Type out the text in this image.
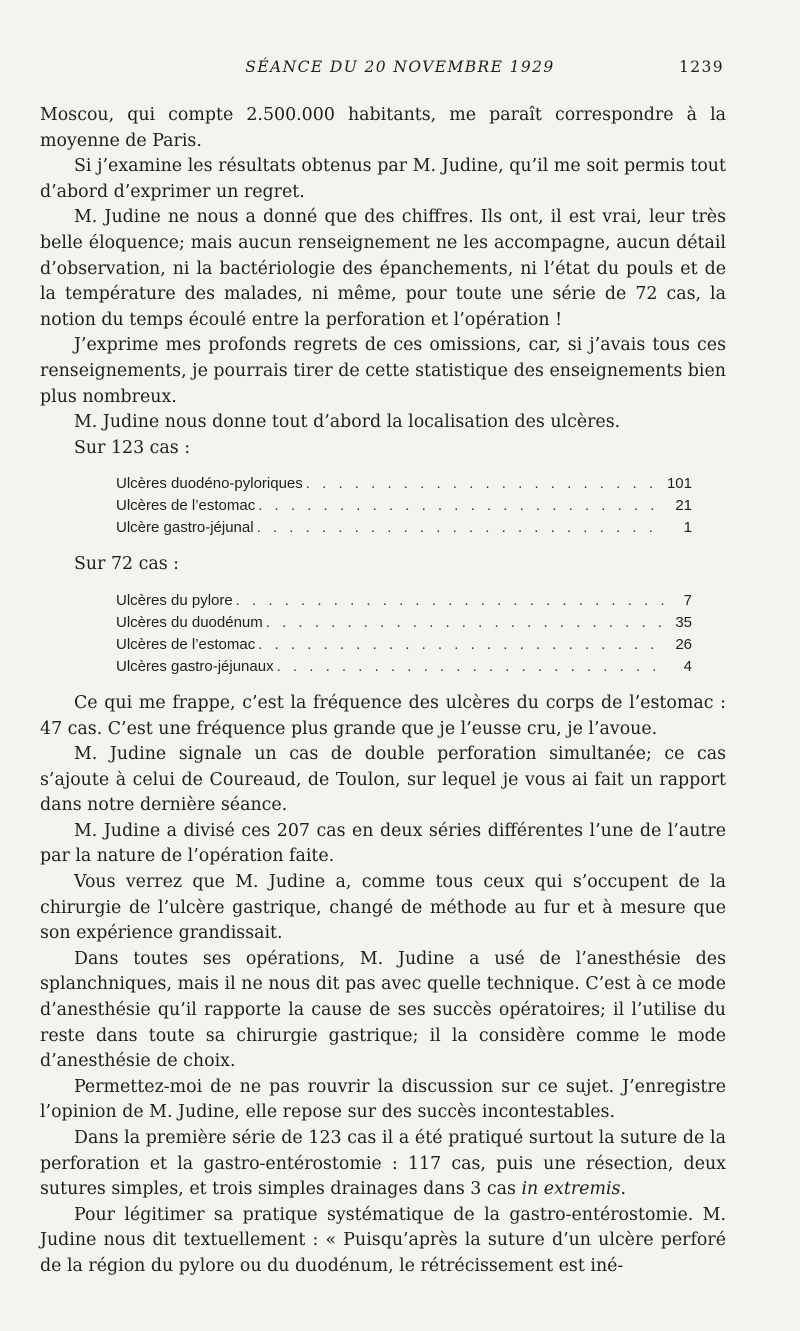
SÉANCE DU 20 NOVEMBRE 1929	1239

Moscou, qui compte 2.500.000 habitants, me paraît correspondre à la moyenne de Paris.

Si j’examine les résultats obtenus par M. Judine, qu’il me soit permis tout d’abord d’exprimer un regret.

M. Judine ne nous a donné que des chiffres. Ils ont, il est vrai, leur très belle éloquence; mais aucun renseignement ne les accompagne, aucun détail d’observation, ni la bactériologie des épanchements, ni l’état du pouls et de la température des malades, ni même, pour toute une série de 72 cas, la notion du temps écoulé entre la perforation et l’opération !

J’exprime mes profonds regrets de ces omissions, car, si j’avais tous ces renseignements, je pourrais tirer de cette statistique des enseignements bien plus nombreux.

M. Judine nous donne tout d’abord la localisation des ulcères.

Sur 123 cas :

Ulcères duodéno-pyloriques . . .	101
Ulcères de l’estomac . . .	21
Ulcère gastro-jéjunal . . .	1

Sur 72 cas :

Ulcères du pylore . . .	7
Ulcères du duodénum . . .	35
Ulcères de l’estomac . . .	26
Ulcères gastro-jéjunaux . . .	4

Ce qui me frappe, c’est la fréquence des ulcères du corps de l’estomac : 47 cas. C’est une fréquence plus grande que je l’eusse cru, je l’avoue.

M. Judine signale un cas de double perforation simultanée; ce cas s’ajoute à celui de Coureaud, de Toulon, sur lequel je vous ai fait un rapport dans notre dernière séance.

M. Judine a divisé ces 207 cas en deux séries différentes l’une de l’autre par la nature de l’opération faite.

Vous verrez que M. Judine a, comme tous ceux qui s’occupent de la chirurgie de l’ulcère gastrique, changé de méthode au fur et à mesure que son expérience grandissait.

Dans toutes ses opérations, M. Judine a usé de l’anesthésie des splanchniques, mais il ne nous dit pas avec quelle technique. C’est à ce mode d’anesthésie qu’il rapporte la cause de ses succès opératoires; il l’utilise du reste dans toute sa chirurgie gastrique; il la considère comme le mode d’anesthésie de choix.

Permettez-moi de ne pas rouvrir la discussion sur ce sujet. J’enregistre l’opinion de M. Judine, elle repose sur des succès incontestables.

Dans la première série de 123 cas il a été pratiqué surtout la suture de la perforation et la gastro-entérostomie : 117 cas, puis une résection, deux sutures simples, et trois simples drainages dans 3 cas in extremis.

Pour légitimer sa pratique systématique de la gastro-entérostomie. M. Judine nous dit textuellement : « Puisqu’après la suture d’un ulcère perforé de la région du pylore ou du duodénum, le rétrécissement est iné-
